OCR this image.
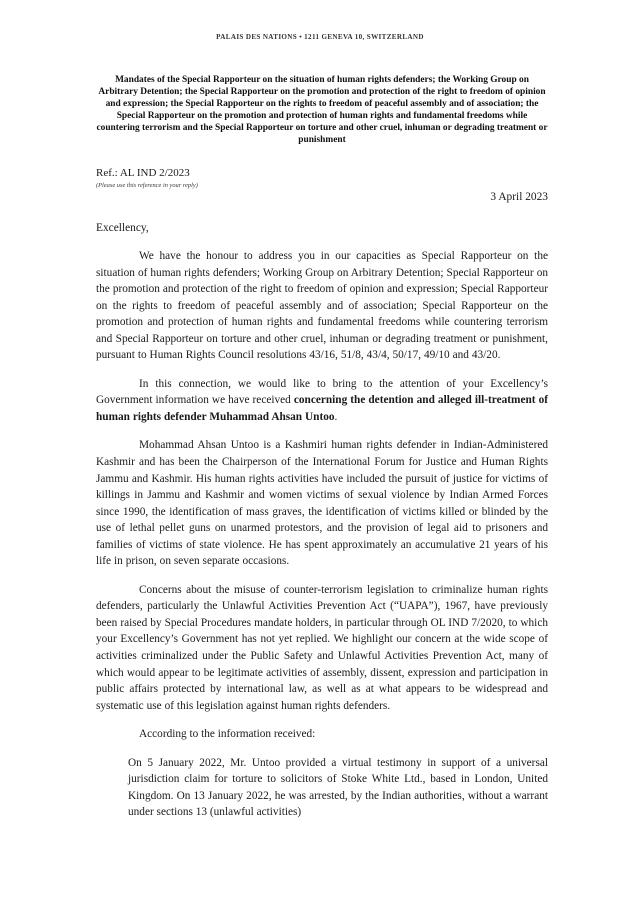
PALAIS DES NATIONS • 1211 GENEVA 10, SWITZERLAND
Mandates of the Special Rapporteur on the situation of human rights defenders; the Working Group on Arbitrary Detention; the Special Rapporteur on the promotion and protection of the right to freedom of opinion and expression; the Special Rapporteur on the rights to freedom of peaceful assembly and of association; the Special Rapporteur on the promotion and protection of human rights and fundamental freedoms while countering terrorism and the Special Rapporteur on torture and other cruel, inhuman or degrading treatment or punishment
Ref.: AL IND 2/2023
(Please use this reference in your reply)
3 April 2023
Excellency,

We have the honour to address you in our capacities as Special Rapporteur on the situation of human rights defenders; Working Group on Arbitrary Detention; Special Rapporteur on the promotion and protection of the right to freedom of opinion and expression; Special Rapporteur on the rights to freedom of peaceful assembly and of association; Special Rapporteur on the promotion and protection of human rights and fundamental freedoms while countering terrorism and Special Rapporteur on torture and other cruel, inhuman or degrading treatment or punishment, pursuant to Human Rights Council resolutions 43/16, 51/8, 43/4, 50/17, 49/10 and 43/20.

In this connection, we would like to bring to the attention of your Excellency’s Government information we have received concerning the detention and alleged ill-treatment of human rights defender Muhammad Ahsan Untoo.

Mohammad Ahsan Untoo is a Kashmiri human rights defender in Indian-Administered Kashmir and has been the Chairperson of the International Forum for Justice and Human Rights Jammu and Kashmir. His human rights activities have included the pursuit of justice for victims of killings in Jammu and Kashmir and women victims of sexual violence by Indian Armed Forces since 1990, the identification of mass graves, the identification of victims killed or blinded by the use of lethal pellet guns on unarmed protestors, and the provision of legal aid to prisoners and families of victims of state violence. He has spent approximately an accumulative 21 years of his life in prison, on seven separate occasions.

Concerns about the misuse of counter-terrorism legislation to criminalize human rights defenders, particularly the Unlawful Activities Prevention Act (“UAPA”), 1967, have previously been raised by Special Procedures mandate holders, in particular through OL IND 7/2020, to which your Excellency’s Government has not yet replied. We highlight our concern at the wide scope of activities criminalized under the Public Safety and Unlawful Activities Prevention Act, many of which would appear to be legitimate activities of assembly, dissent, expression and participation in public affairs protected by international law, as well as at what appears to be widespread and systematic use of this legislation against human rights defenders.

According to the information received:

On 5 January 2022, Mr. Untoo provided a virtual testimony in support of a universal jurisdiction claim for torture to solicitors of Stoke White Ltd., based in London, United Kingdom. On 13 January 2022, he was arrested, by the Indian authorities, without a warrant under sections 13 (unlawful activities)
